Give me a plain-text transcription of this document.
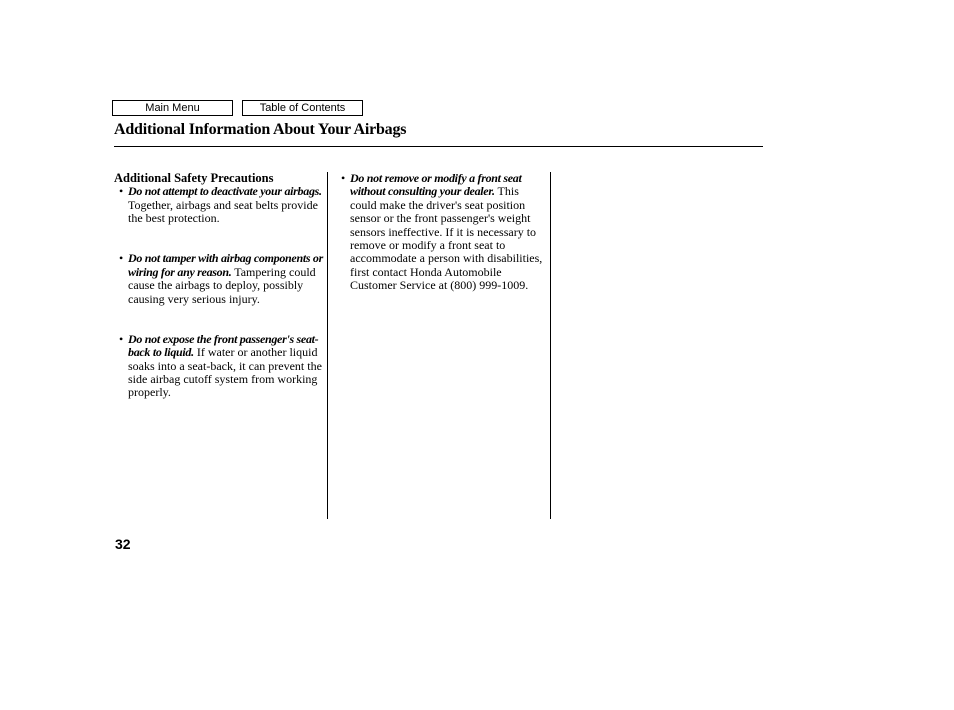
Main Menu	Table of Contents
Additional Information About Your Airbags

Additional Safety Precautions

• Do not attempt to deactivate your airbags. Together, airbags and seat belts provide the best protection.

• Do not tamper with airbag components or wiring for any reason. Tampering could cause the airbags to deploy, possibly causing very serious injury.

• Do not expose the front passenger's seat-back to liquid. If water or another liquid soaks into a seat-back, it can prevent the side airbag cutoff system from working properly.

• Do not remove or modify a front seat without consulting your dealer. This could make the driver's seat position sensor or the front passenger's weight sensors ineffective. If it is necessary to remove or modify a front seat to accommodate a person with disabilities, first contact Honda Automobile Customer Service at (800) 999-1009.

32
